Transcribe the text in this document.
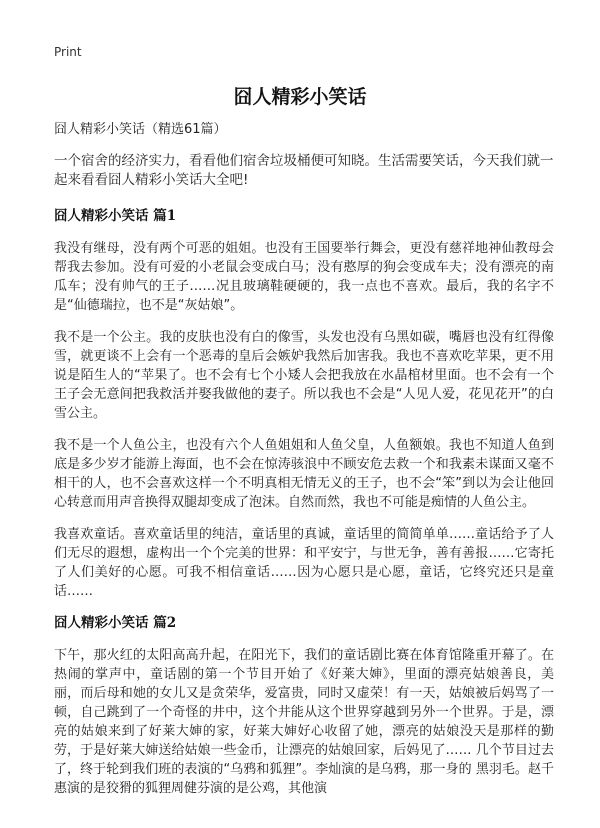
Print
囧人精彩小笑话

囧人精彩小笑话（精选61篇）

一个宿舍的经济实力，看看他们宿舍垃圾桶便可知晓。生活需要笑话，今天我们就一起来看看囧人精彩小笑话大全吧!

囧人精彩小笑话 篇1

我没有继母，没有两个可恶的姐姐。也没有王国要举行舞会，更没有慈祥地神仙教母会帮我去参加。没有可爱的小老鼠会变成白马；没有憨厚的狗会变成车夫；没有漂亮的南瓜车；没有帅气的王子……况且玻璃鞋硬硬的，我一点也不喜欢。最后，我的名字不是“仙德瑞拉，也不是“灰姑娘”。

我不是一个公主。我的皮肤也没有白的像雪，头发也没有乌黑如碳，嘴唇也没有红得像雪，就更谈不上会有一个恶毒的皇后会嫉妒我然后加害我。我也不喜欢吃苹果，更不用说是陌生人的“苹果了。也不会有七个小矮人会把我放在水晶棺材里面。也不会有一个王子会无意间把我救活并娶我做他的妻子。所以我也不会是“人见人爱，花见花开”的白雪公主。

我不是一个人鱼公主，也没有六个人鱼姐姐和人鱼父皇，人鱼额娘。我也不知道人鱼到底是多少岁才能游上海面，也不会在惊涛骇浪中不顾安危去救一个和我素未谋面又毫不相干的人，也不会喜欢这样一个不明真相无情无义的王子，也不会“笨”到以为会让他回心转意而用声音换得双腿却变成了泡沫。自然而然，我也不可能是痴情的人鱼公主。

我喜欢童话。喜欢童话里的纯洁，童话里的真诚，童话里的简简单单……童话给予了人们无尽的遐想，虚构出一个个完美的世界：和平安宁，与世无争，善有善报……它寄托了人们美好的心愿。可我不相信童话……因为心愿只是心愿，童话，它终究还只是童话……

囧人精彩小笑话 篇2

下午，那火红的太阳高高升起，在阳光下，我们的童话剧比赛在体育馆隆重开幕了。在热闹的掌声中，童话剧的第一个节目开始了《好莱大婶》，里面的漂亮姑娘善良，美丽，而后母和她的女儿又是贪荣华，爱富贵，同时又虚荣！有一天，姑娘被后妈骂了一顿，自己跳到了一个奇怪的井中，这个井能从这个世界穿越到另外一个世界。于是，漂亮的姑娘来到了好莱大婶的家，好莱大婶好心收留了她，漂亮的姑娘没天是那样的勤劳，于是好莱大婶送给姑娘一些金币，让漂亮的姑娘回家，后妈见了…… 几个节目过去了，终于轮到我们班的表演的“乌鸦和狐狸”。李灿演的是乌鸦，那一身的 黑羽毛。赵千惠演的是狡猾的狐狸周健芬演的是公鸡，其他演
